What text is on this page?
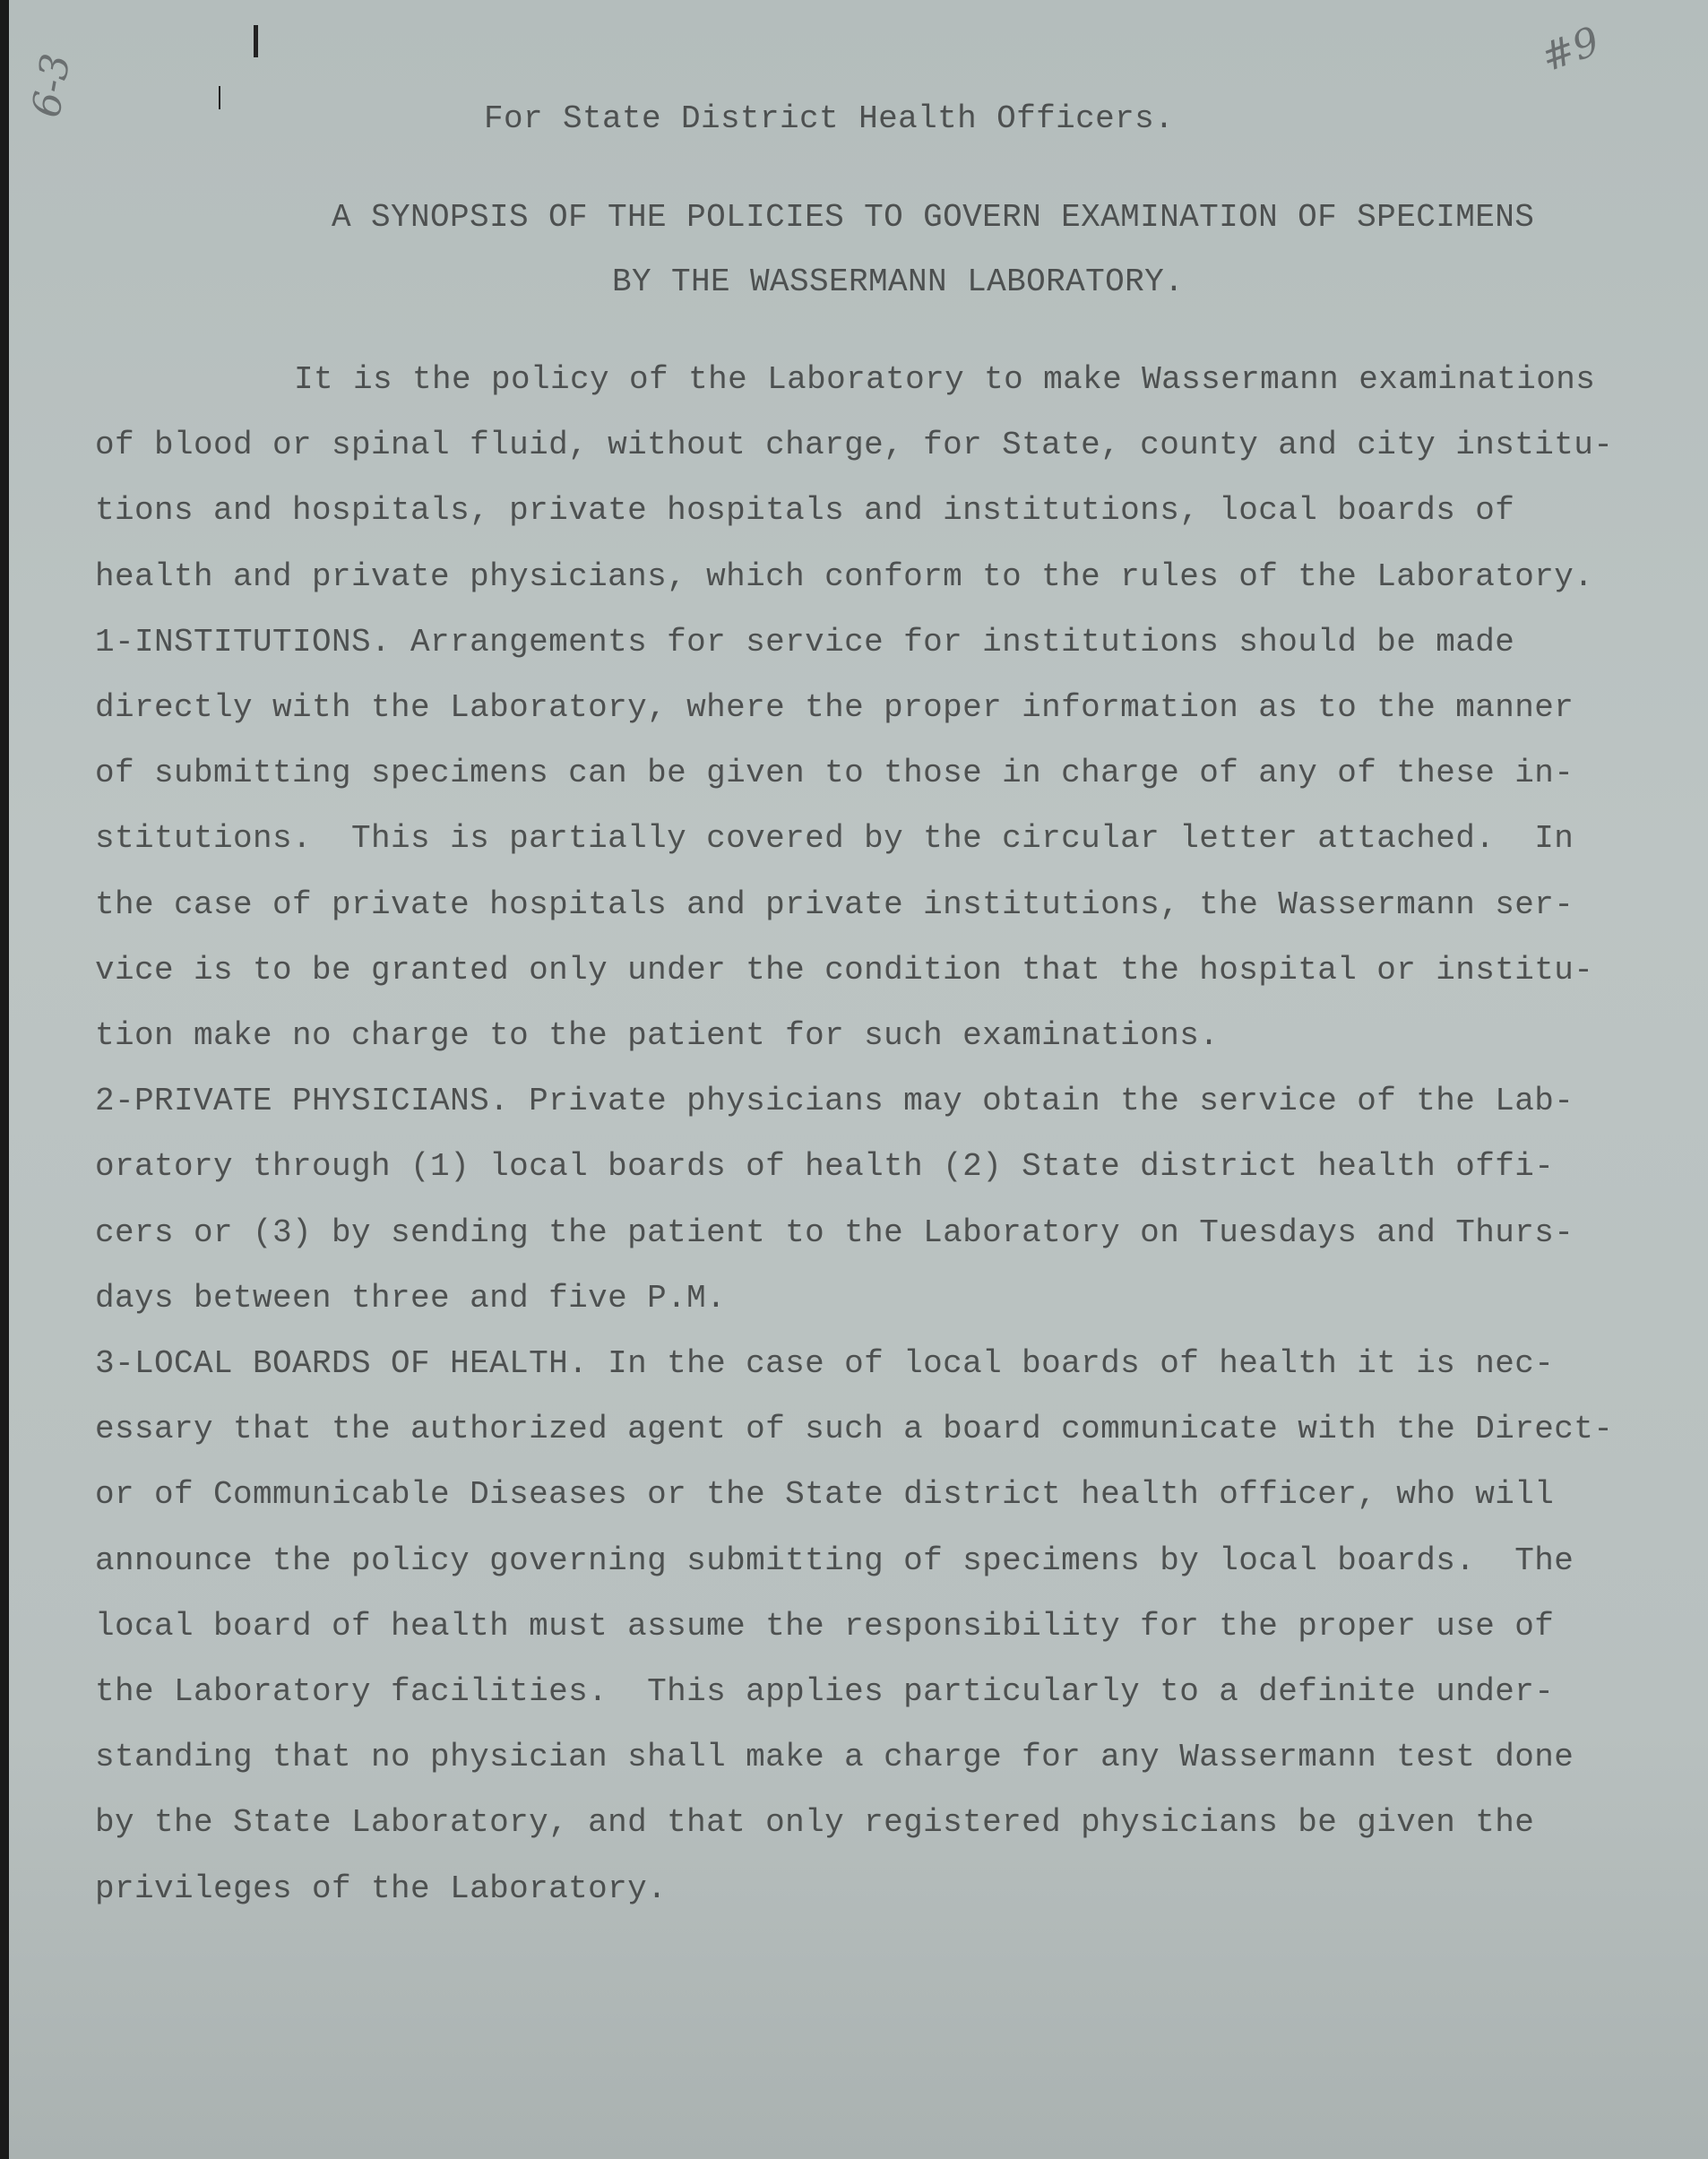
6-3
#9
For State District Health Officers.
A SYNOPSIS OF THE POLICIES TO GOVERN EXAMINATION OF SPECIMENS
BY THE WASSERMANN LABORATORY.
It is the policy of the Laboratory to make Wassermann examinations
of blood or spinal fluid, without charge, for State, county and city institu-
tions and hospitals, private hospitals and institutions, local boards of
health and private physicians, which conform to the rules of the Laboratory.
1-INSTITUTIONS. Arrangements for service for institutions should be made
directly with the Laboratory, where the proper information as to the manner
of submitting specimens can be given to those in charge of any of these in-
stitutions.  This is partially covered by the circular letter attached.  In
the case of private hospitals and private institutions, the Wassermann ser-
vice is to be granted only under the condition that the hospital or institu-
tion make no charge to the patient for such examinations.
2-PRIVATE PHYSICIANS. Private physicians may obtain the service of the Lab-
oratory through (1) local boards of health (2) State district health offi-
cers or (3) by sending the patient to the Laboratory on Tuesdays and Thurs-
days between three and five P.M.
3-LOCAL BOARDS OF HEALTH. In the case of local boards of health it is nec-
essary that the authorized agent of such a board communicate with the Direct-
or of Communicable Diseases or the State district health officer, who will
announce the policy governing submitting of specimens by local boards.  The
local board of health must assume the responsibility for the proper use of
the Laboratory facilities.  This applies particularly to a definite under-
standing that no physician shall make a charge for any Wassermann test done
by the State Laboratory, and that only registered physicians be given the
privileges of the Laboratory.
